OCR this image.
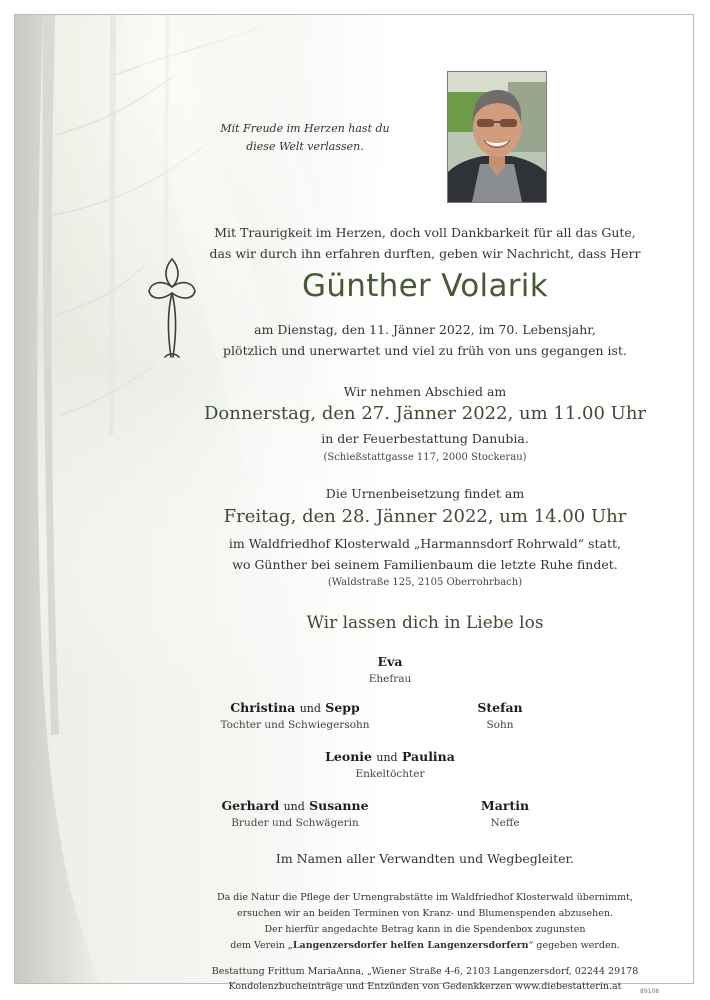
Mit Freude im Herzen hast du
diese Welt verlassen.
Mit Traurigkeit im Herzen, doch voll Dankbarkeit für all das Gute,
das wir durch ihn erfahren durften, geben wir Nachricht, dass Herr
Günther Volarik
am Dienstag, den 11. Jänner 2022, im 70. Lebensjahr,
plötzlich und unerwartet und viel zu früh von uns gegangen ist.
Wir nehmen Abschied am
Donnerstag, den 27. Jänner 2022, um 11.00 Uhr
in der Feuerbestattung Danubia.
(Schießstattgasse 117, 2000 Stockerau)
Die Urnenbeisetzung findet am
Freitag, den 28. Jänner 2022, um 14.00 Uhr
im Waldfriedhof Klosterwald „Harmannsdorf Rohrwald“ statt,
wo Günther bei seinem Familienbaum die letzte Ruhe findet.
(Waldstraße 125, 2105 Oberrohrbach)
Wir lassen dich in Liebe los
Eva
Ehefrau
Christina und Sepp
Tochter und Schwiegersohn
Stefan
Sohn
Leonie und Paulina
Enkeltöchter
Gerhard und Susanne
Bruder und Schwägerin
Martin
Neffe
Im Namen aller Verwandten und Wegbegleiter.
Da die Natur die Pflege der Urnengrabstätte im Waldfriedhof Klosterwald übernimmt,
ersuchen wir an beiden Terminen von Kranz- und Blumenspenden abzusehen.
Der hierfür angedachte Betrag kann in die Spendenbox zugunsten
dem Verein „Langenzersdorfer helfen Langenzersdorfern“ gegeben werden.
Bestattung Frittum MariaAnna, „Wiener Straße 4-6, 2103 Langenzersdorf, 02244 29178
Kondolenzbucheinträge und Entzünden von Gedenkkerzen www.diebestatterin.at	89108
